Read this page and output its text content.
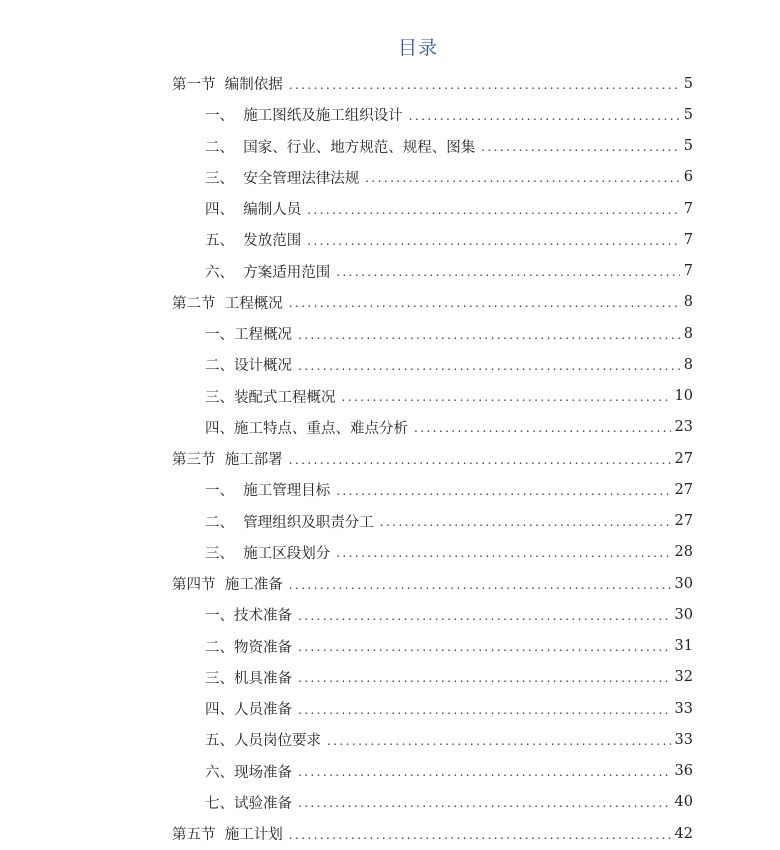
目录
第一节  编制依据 .....	5
一、  施工图纸及施工组织设计 .....	5
二、  国家、行业、地方规范、规程、图集 .....	5
三、  安全管理法律法规 .....	6
四、  编制人员 .....	7
五、  发放范围 .....	7
六、  方案适用范围 .....	7
第二节  工程概况 .....	8
一、工程概况 .....	8
二、设计概况 .....	8
三、装配式工程概况 .....	10
四、施工特点、重点、难点分析 .....	23
第三节  施工部署 .....	27
一、  施工管理目标 .....	27
二、  管理组织及职责分工 .....	27
三、  施工区段划分 .....	28
第四节  施工准备 .....	30
一、技术准备 .....	30
二、物资准备 .....	31
三、机具准备 .....	32
四、人员准备 .....	33
五、人员岗位要求 .....	33
六、现场准备 .....	36
七、试验准备 .....	40
第五节  施工计划 .....	42
